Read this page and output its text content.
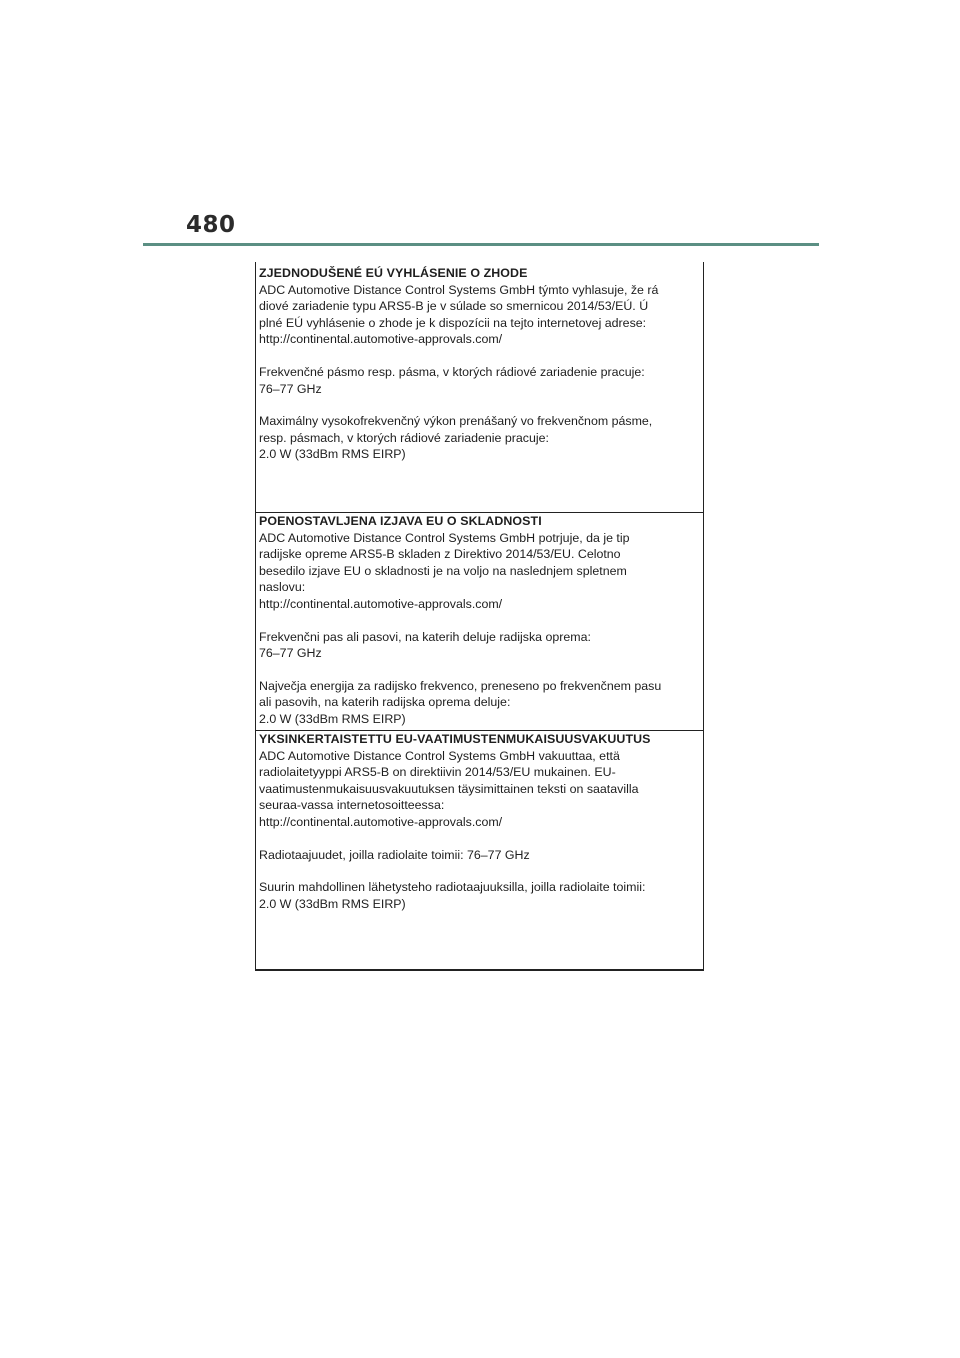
480
ZJEDNODUŠENÉ EÚ VYHLÁSENIE O ZHODE
ADC Automotive Distance Control Systems GmbH týmto vyhlasuje, že rá
diové zariadenie typu ARS5-B je v súlade so smernicou 2014/53/EÚ. Ú
plné EÚ vyhlásenie o zhode je k dispozícii na tejto internetovej adrese:
http://continental.automotive-approvals.com/
Frekvenčné pásmo resp. pásma, v ktorých rádiové zariadenie pracuje:
76–77 GHz
Maximálny vysokofrekvenčný výkon prenášaný vo frekvenčnom pásme,
resp. pásmach, v ktorých rádiové zariadenie pracuje:
2.0 W (33dBm RMS EIRP)
POENOSTAVLJENA IZJAVA EU O SKLADNOSTI
ADC Automotive Distance Control Systems GmbH potrjuje, da je tip
radijske opreme ARS5-B skladen z Direktivo 2014/53/EU. Celotno
besedilo izjave EU o skladnosti je na voljo na naslednjem spletnem
naslovu:
http://continental.automotive-approvals.com/
Frekvenčni pas ali pasovi, na katerih deluje radijska oprema:
76–77 GHz
Največja energija za radijsko frekvenco, preneseno po frekvenčnem pasu
ali pasovih, na katerih radijska oprema deluje:
2.0 W (33dBm RMS EIRP)
YKSINKERTAISTETTU EU-VAATIMUSTENMUKAISUUSVAKUUTUS
ADC Automotive Distance Control Systems GmbH vakuuttaa, että
radiolaitetyyppi ARS5-B on direktiivin 2014/53/EU mukainen. EU-
vaatimustenmukaisuusvakuutuksen täysimittainen teksti on saatavilla
seuraa-vassa internetosoitteessa:
http://continental.automotive-approvals.com/
Radiotaajuudet, joilla radiolaite toimii: 76–77 GHz
Suurin mahdollinen lähetysteho radiotaajuuksilla, joilla radiolaite toimii:
2.0 W (33dBm RMS EIRP)
